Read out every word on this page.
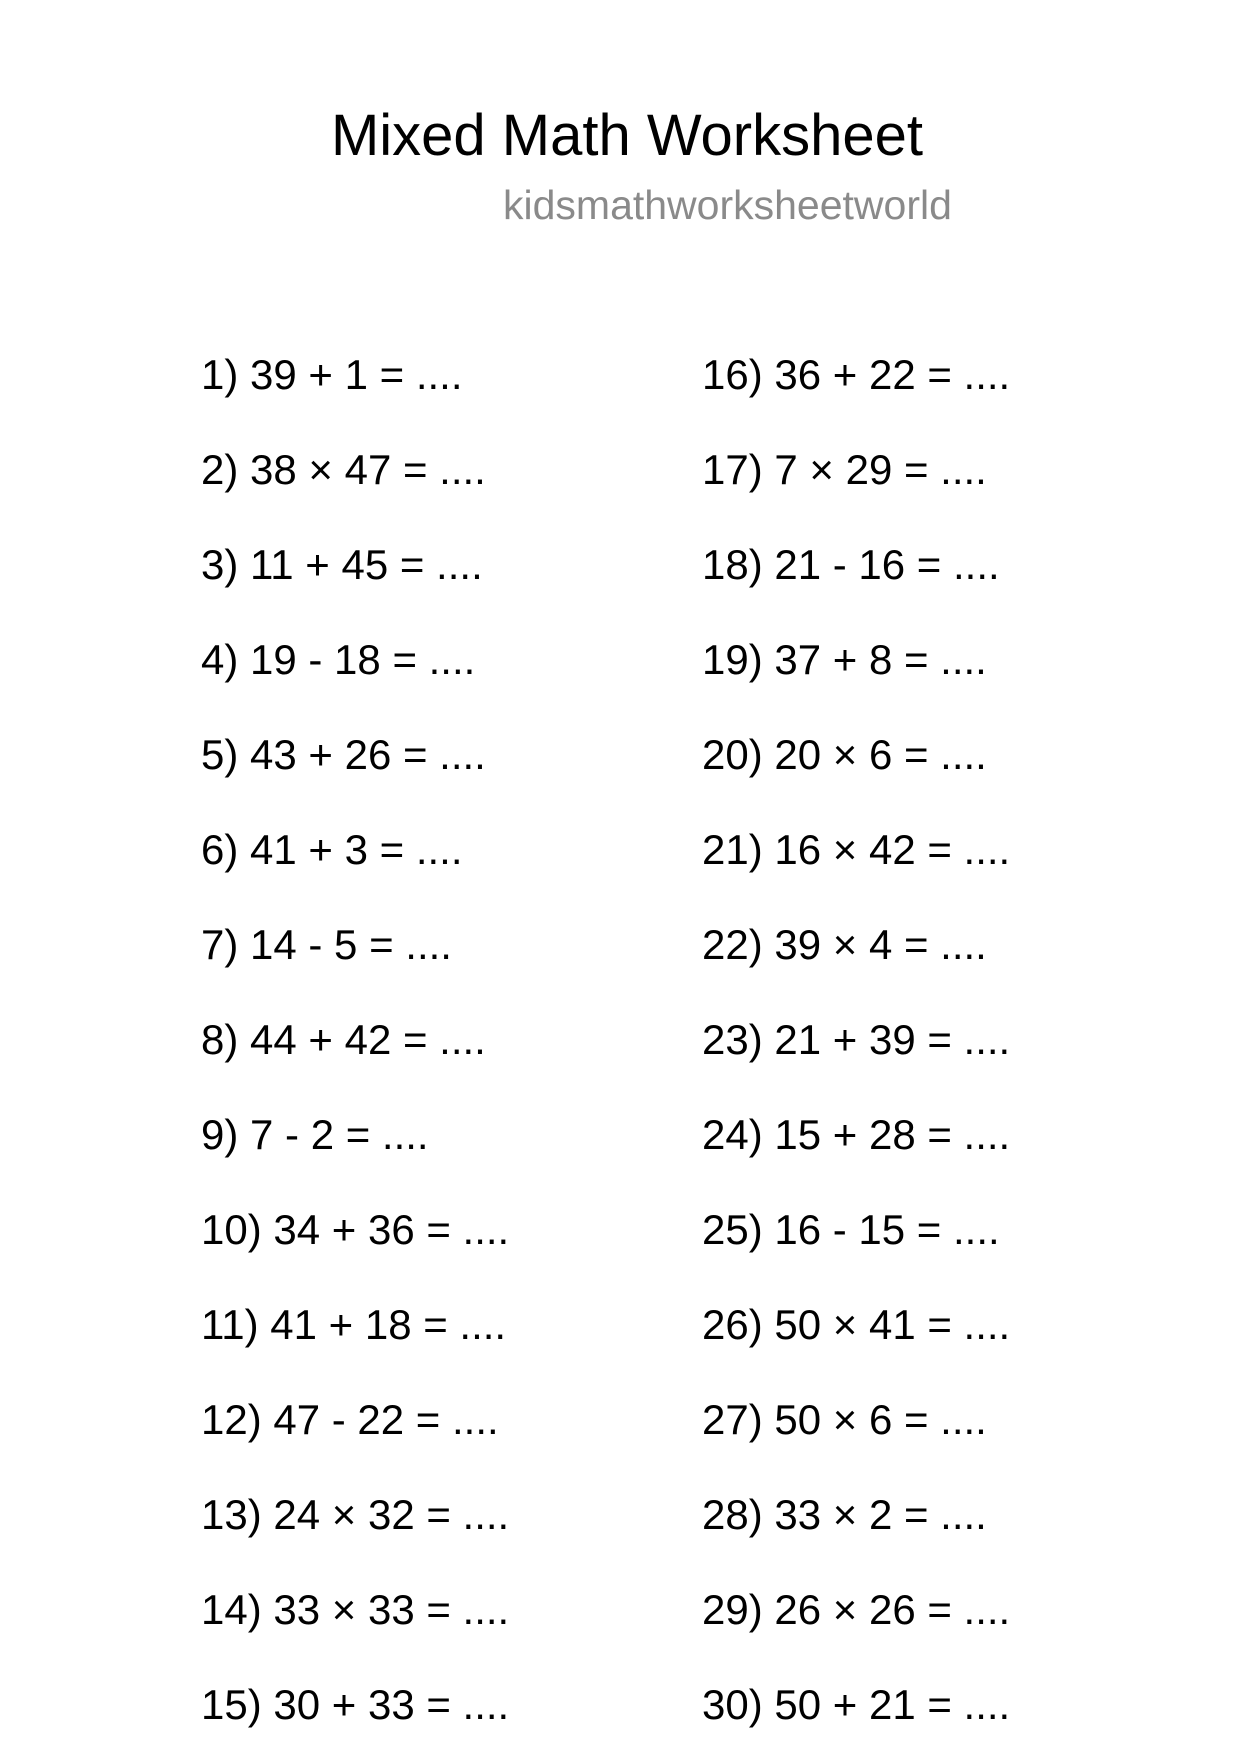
Mixed Math Worksheet
kidsmathworksheetworld
1) 39 + 1 = ....
2) 38 × 47 = ....
3) 11 + 45 = ....
4) 19 - 18 = ....
5) 43 + 26 = ....
6) 41 + 3 = ....
7) 14 - 5 = ....
8) 44 + 42 = ....
9) 7 - 2 = ....
10) 34 + 36 = ....
11) 41 + 18 = ....
12) 47 - 22 = ....
13) 24 × 32 = ....
14) 33 × 33 = ....
15) 30 + 33 = ....
16) 36 + 22 = ....
17) 7 × 29 = ....
18) 21 - 16 = ....
19) 37 + 8 = ....
20) 20 × 6 = ....
21) 16 × 42 = ....
22) 39 × 4 = ....
23) 21 + 39 = ....
24) 15 + 28 = ....
25) 16 - 15 = ....
26) 50 × 41 = ....
27) 50 × 6 = ....
28) 33 × 2 = ....
29) 26 × 26 = ....
30) 50 + 21 = ....
